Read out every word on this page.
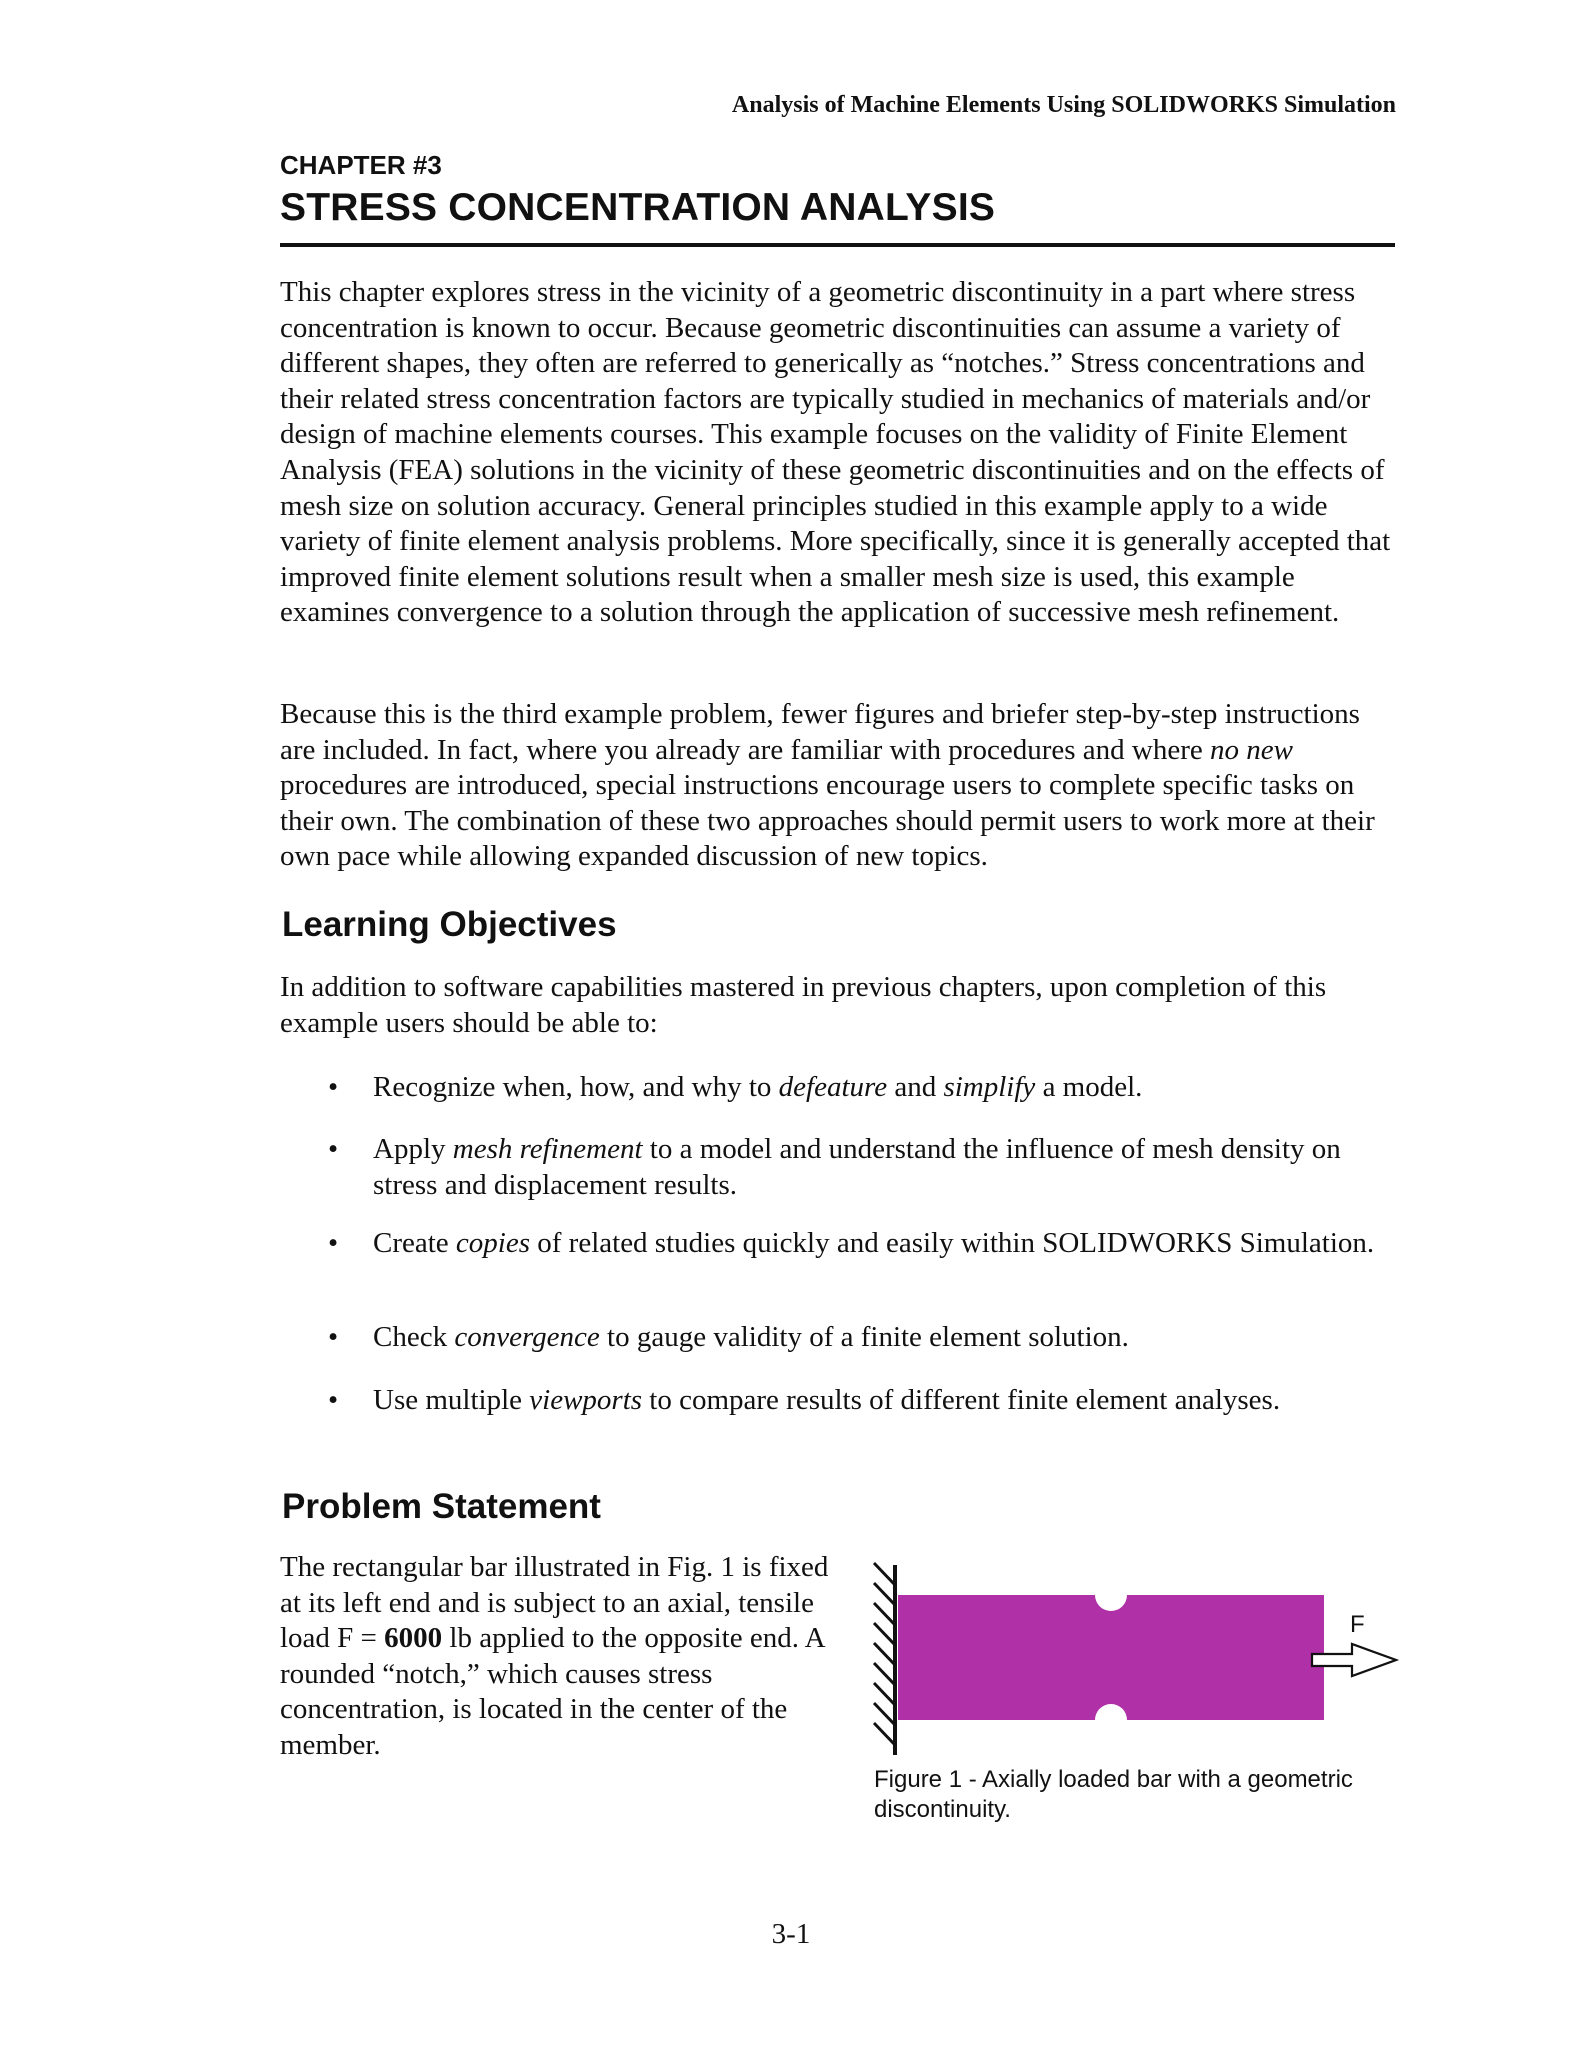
Analysis of Machine Elements Using SOLIDWORKS Simulation
CHAPTER #3
STRESS CONCENTRATION ANALYSIS

This chapter explores stress in the vicinity of a geometric discontinuity in a part where stress concentration is known to occur. Because geometric discontinuities can assume a variety of different shapes, they often are referred to generically as “notches.” Stress concentrations and their related stress concentration factors are typically studied in mechanics of materials and/or design of machine elements courses. This example focuses on the validity of Finite Element Analysis (FEA) solutions in the vicinity of these geometric discontinuities and on the effects of mesh size on solution accuracy. General principles studied in this example apply to a wide variety of finite element analysis problems. More specifically, since it is generally accepted that improved finite element solutions result when a smaller mesh size is used, this example examines convergence to a solution through the application of successive mesh refinement.

Because this is the third example problem, fewer figures and briefer step-by-step instructions are included. In fact, where you already are familiar with procedures and where no new procedures are introduced, special instructions encourage users to complete specific tasks on their own. The combination of these two approaches should permit users to work more at their own pace while allowing expanded discussion of new topics.

Learning Objectives

In addition to software capabilities mastered in previous chapters, upon completion of this example users should be able to:

• Recognize when, how, and why to defeature and simplify a model.
• Apply mesh refinement to a model and understand the influence of mesh density on stress and displacement results.
• Create copies of related studies quickly and easily within SOLIDWORKS Simulation.
• Check convergence to gauge validity of a finite element solution.
• Use multiple viewports to compare results of different finite element analyses.
Problem Statement

The rectangular bar illustrated in Fig. 1 is fixed at its left end and is subject to an axial, tensile load F = 6000 lb applied to the opposite end. A rounded “notch,” which causes stress concentration, is located in the center of the member.

F
Figure 1 - Axially loaded bar with a geometric discontinuity.
3-1
